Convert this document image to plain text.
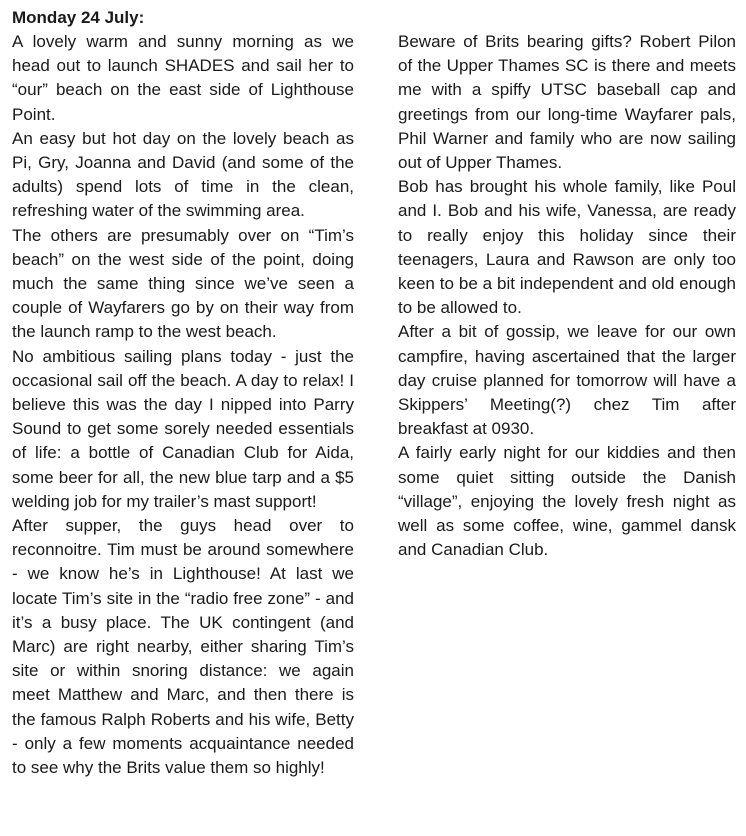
Monday 24 July:

A lovely warm and sunny morning as we head out to launch SHADES and sail her to “our” beach on the east side of Lighthouse Point.

An easy but hot day on the lovely beach as Pi, Gry, Joanna and David (and some of the adults) spend lots of time in the clean, refreshing water of the swimming area.

The others are presumably over on “Tim’s beach” on the west side of the point, doing much the same thing since we’ve seen a couple of Wayfarers go by on their way from the launch ramp to the west beach.

No ambitious sailing plans today - just the occasional sail off the beach. A day to relax! I believe this was the day I nipped into Parry Sound to get some sorely needed essentials of life: a bottle of Canadian Club for Aida, some beer for all, the new blue tarp and a $5 welding job for my trailer’s mast support!

After supper, the guys head over to reconnoitre. Tim must be around somewhere - we know he’s in Lighthouse! At last we locate Tim’s site in the “radio free zone” - and it’s a busy place. The UK contingent (and Marc) are right nearby, either sharing Tim’s site or within snoring distance: we again meet Matthew and Marc, and then there is the famous Ralph Roberts and his wife, Betty - only a few moments acquaintance needed to see why the Brits value them so highly!

Beware of Brits bearing gifts? Robert Pilon of the Upper Thames SC is there and meets me with a spiffy UTSC baseball cap and greetings from our long-time Wayfarer pals, Phil Warner and family who are now sailing out of Upper Thames.

Bob has brought his whole family, like Poul and I. Bob and his wife, Vanessa, are ready to really enjoy this holiday since their teenagers, Laura and Rawson are only too keen to be a bit independent and old enough to be allowed to.

After a bit of gossip, we leave for our own campfire, having ascertained that the larger day cruise planned for tomorrow will have a Skippers’ Meeting(?) chez Tim after breakfast at 0930.

A fairly early night for our kiddies and then some quiet sitting outside the Danish “village”, enjoying the lovely fresh night as well as some coffee, wine, gammel dansk and Canadian Club.
